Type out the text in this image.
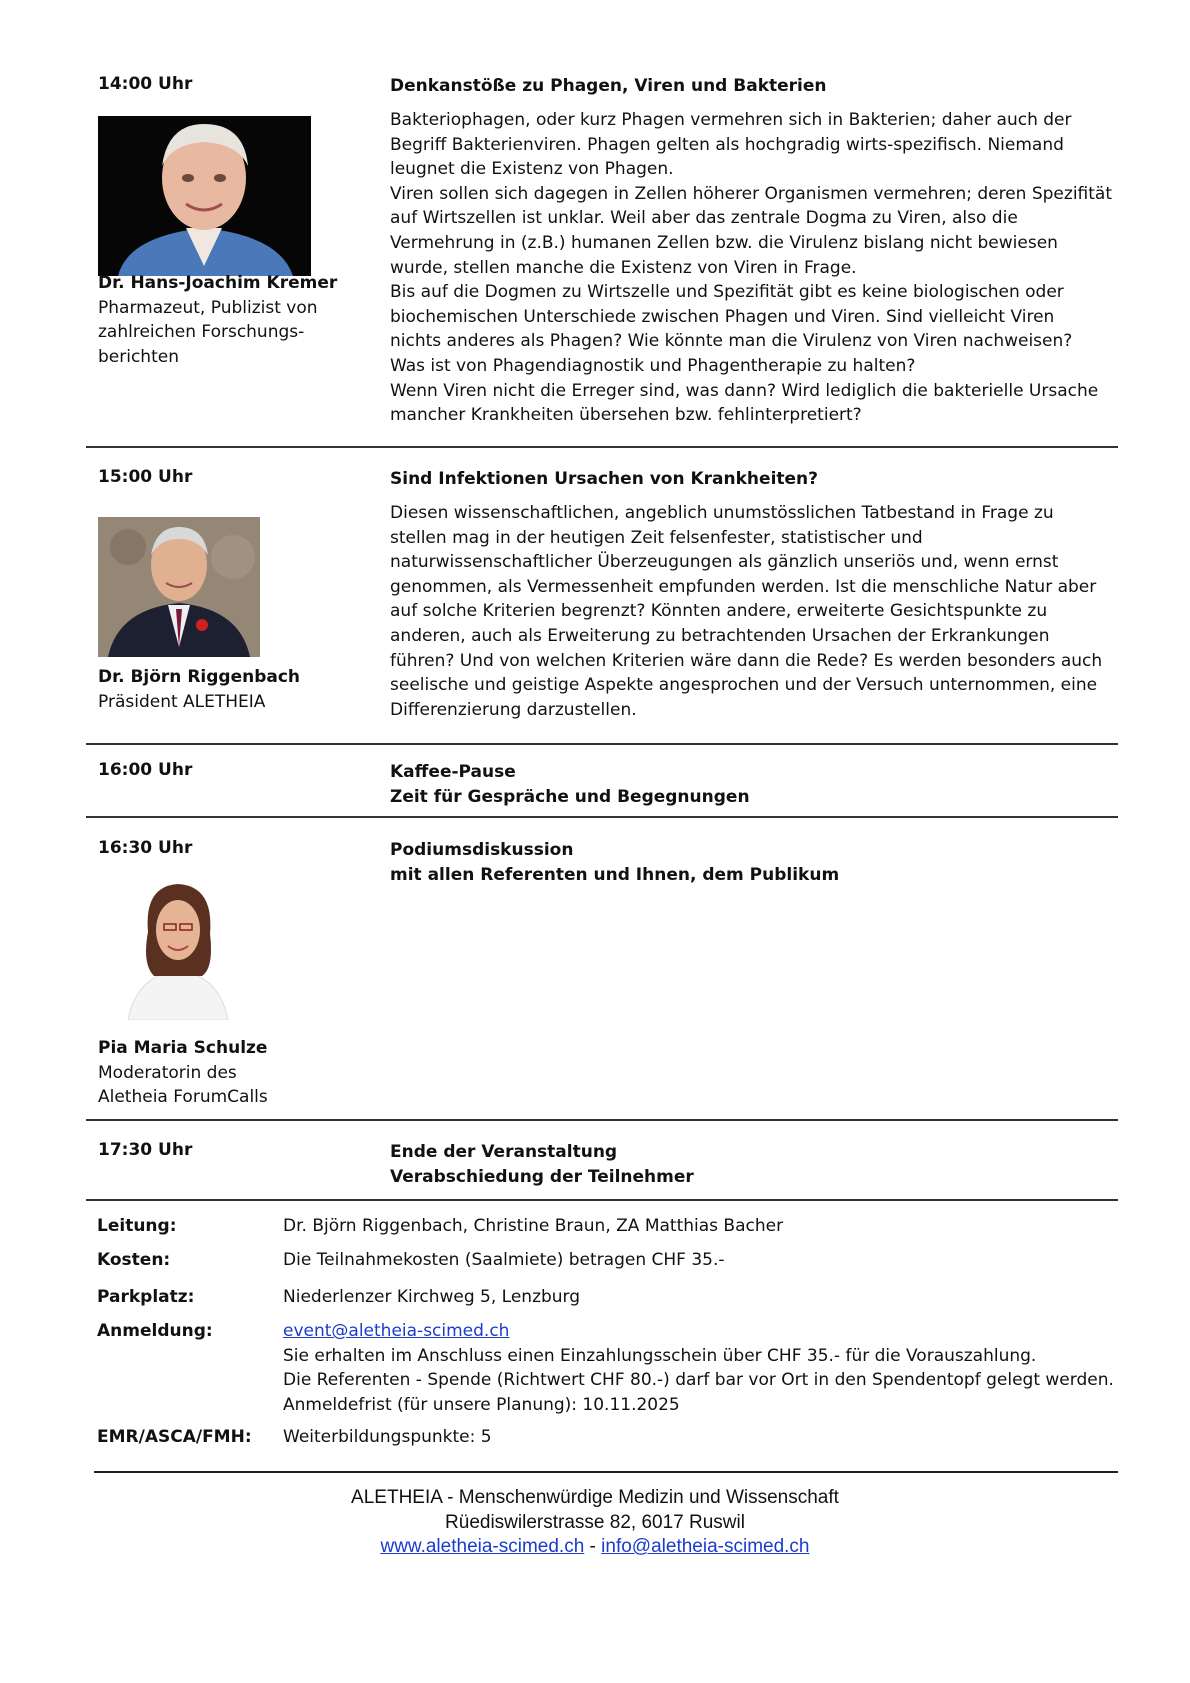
14:00 Uhr	Denkanstöße zu Phagen, Viren und Bakterien

Bakteriophagen, oder kurz Phagen vermehren sich in Bakterien; daher auch der

Begriff Bakterienviren. Phagen gelten als hochgradig wirts-spezifisch. Niemand

leugnet die Existenz von Phagen.

Viren sollen sich dagegen in Zellen höherer Organismen vermehren; deren Spezifität

auf Wirtszellen ist unklar. Weil aber das zentrale Dogma zu Viren, also die

Vermehrung in (z.B.) humanen Zellen bzw. die Virulenz bislang nicht bewiesen

wurde, stellen manche die Existenz von Viren in Frage.

Bis auf die Dogmen zu Wirtszelle und Spezifität gibt es keine biologischen oder

biochemischen Unterschiede zwischen Phagen und Viren. Sind vielleicht Viren

nichts anderes als Phagen? Wie könnte man die Virulenz von Viren nachweisen?

Was ist von Phagendiagnostik und Phagentherapie zu halten?

Wenn Viren nicht die Erreger sind, was dann? Wird lediglich die bakterielle Ursache

mancher Krankheiten übersehen bzw. fehlinterpretiert?

Dr. Hans-Joachim Kremer
Pharmazeut, Publizist von
zahlreichen Forschungs-
berichten
15:00 Uhr	Sind Infektionen Ursachen von Krankheiten?

Diesen wissenschaftlichen, angeblich unumstösslichen Tatbestand in Frage zu

stellen mag in der heutigen Zeit felsenfester, statistischer und

naturwissenschaftlicher Überzeugungen als gänzlich unseriös und, wenn ernst

genommen, als Vermessenheit empfunden werden. Ist die menschliche Natur aber

auf solche Kriterien begrenzt? Könnten andere, erweiterte Gesichtspunkte zu

anderen, auch als Erweiterung zu betrachtenden Ursachen der Erkrankungen

führen? Und von welchen Kriterien wäre dann die Rede? Es werden besonders auch

seelische und geistige Aspekte angesprochen und der Versuch unternommen, eine

Differenzierung darzustellen.

Dr. Björn Riggenbach
Präsident ALETHEIA
16:00 Uhr	Kaffee-Pause
Zeit für Gespräche und Begegnungen
16:30 Uhr	Podiumsdiskussion
mit allen Referenten und Ihnen, dem Publikum
Pia Maria Schulze
Moderatorin des
Aletheia ForumCalls
17:30 Uhr	Ende der Veranstaltung
Verabschiedung der Teilnehmer
Leitung:	Dr. Björn Riggenbach, Christine Braun, ZA Matthias Bacher
Kosten:	Die Teilnahmekosten (Saalmiete) betragen CHF 35.-
Parkplatz:	Niederlenzer Kirchweg 5, Lenzburg
Anmeldung:	event@aletheia-scimed.ch
Sie erhalten im Anschluss einen Einzahlungsschein über CHF 35.- für die Vorauszahlung.
Die Referenten - Spende (Richtwert CHF 80.-) darf bar vor Ort in den Spendentopf gelegt werden.
Anmeldefrist (für unsere Planung): 10.11.2025
EMR/ASCA/FMH:	Weiterbildungspunkte: 5
ALETHEIA - Menschenwürdige Medizin und Wissenschaft
Rüediswilerstrasse 82, 6017 Ruswil
www.aletheia-scimed.ch - info@aletheia-scimed.ch
